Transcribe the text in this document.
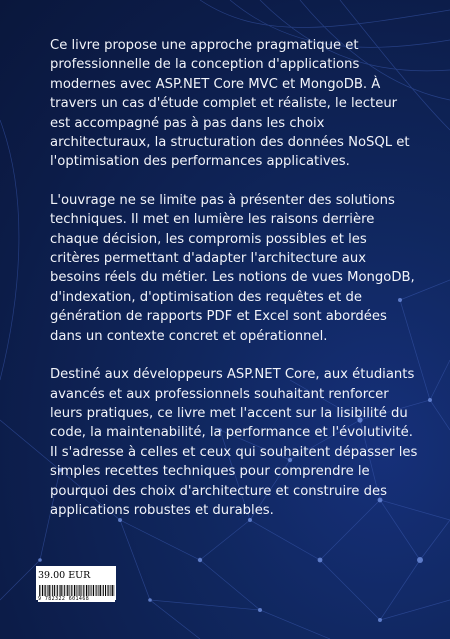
Ce livre propose une approche pragmatique et professionnelle de la conception d'applications modernes avec ASP.NET Core MVC et MongoDB. À travers un cas d'étude complet et réaliste, le lecteur est accompagné pas à pas dans les choix architecturaux, la structuration des données NoSQL et l'optimisation des performances applicatives.

L'ouvrage ne se limite pas à présenter des solutions techniques. Il met en lumière les raisons derrière chaque décision, les compromis possibles et les critères permettant d'adapter l'architecture aux besoins réels du métier. Les notions de vues MongoDB, d'indexation, d'optimisation des requêtes et de génération de rapports PDF et Excel sont abordées dans un contexte concret et opérationnel.

Destiné aux développeurs ASP.NET Core, aux étudiants avancés et aux professionnels souhaitant renforcer leurs pratiques, ce livre met l'accent sur la lisibilité du code, la maintenabilité, la performance et l'évolutivité. Il s'adresse à celles et ceux qui souhaitent dépasser les simples recettes techniques pour comprendre le pourquoi des choix d'architecture et construire des applications robustes et durables.

39.00 EUR
9 782322 601468
